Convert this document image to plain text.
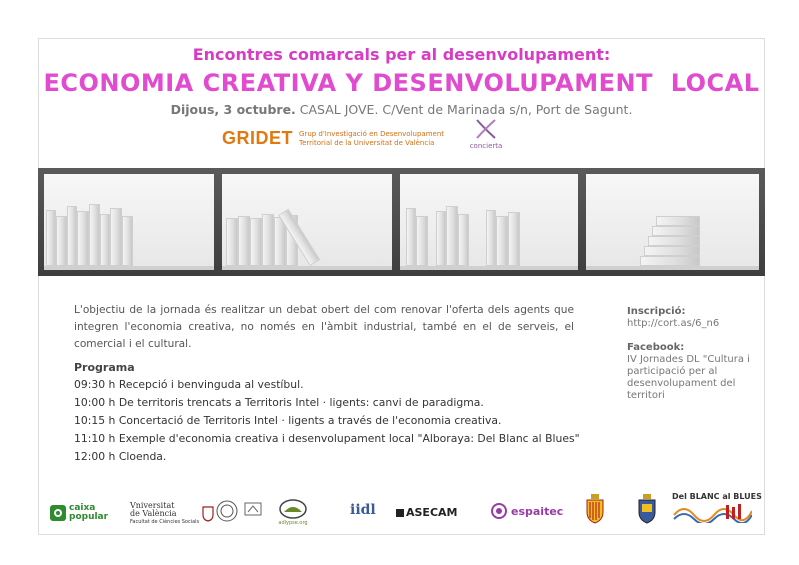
Encontres comarcals per al desenvolupament:
ECONOMIA CREATIVA Y DESENVOLUPAMENT  LOCAL
Dijous, 3 octubre. CASAL JOVE. C/Vent de Marinada s/n, Port de Sagunt.
GRIDET Grup d'Investigació en Desenvolupament
Territorial de la Universitat de València	concierta
L'objectiu de la jornada és realitzar un debat obert del com renovar l'oferta dels agents que integren l'economia creativa, no només en l'àmbit industrial, també en el de serveis, el comercial i el cultural.
Programa
09:30 h Recepció i benvinguda al vestíbul.
10:00 h De territoris trencats a Territoris Intel · ligents: canvi de paradigma.
10:15 h Concertació de Territoris Intel · ligents a través de l'economia creativa.
11:10 h Exemple d'economia creativa i desenvolupament local "Alboraya: Del Blanc al Blues"
12:00 h Cloenda.
Inscripció:
http://cort.as/6_n6
Facebook:
IV Jornades DL "Cultura i participació per al desenvolupament del territori
caixa
popular
Vniversitat
de València
Facultat de Ciències Socials	adlypse.org
iidl	ASECAM	espaitec
Del BLANC al BLUES
